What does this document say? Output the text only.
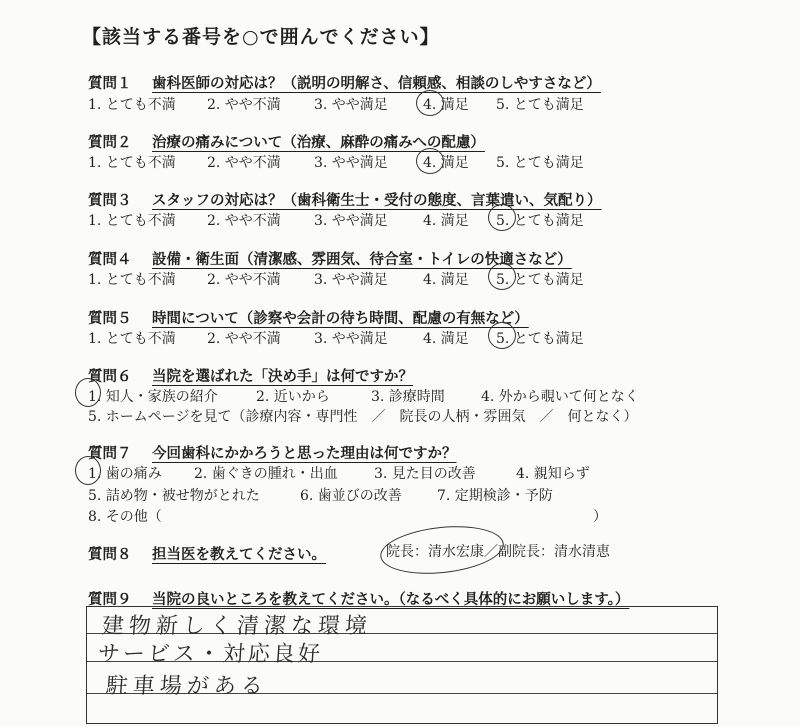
【該当する番号を○で囲んでください】
質問１ 歯科医師の対応は？（説明の明解さ、信頼感、相談のしやすさなど）
1. とても不満 2. やや不満 3. やや満足	4. 満足 5. とても満足
質問２ 治療の痛みについて（治療、麻酔の痛みへの配慮）
1. とても不満 2. やや不満 3. やや満足	4. 満足 5. とても満足
質問３ スタッフの対応は？（歯科衛生士・受付の態度、言葉遣い、気配り）
1. とても不満 2. やや不満 3. やや満足	4. 満足 5. とても満足
質問４ 設備・衛生面（清潔感、雰囲気、待合室・トイレの快適さなど）
1. とても不満 2. やや不満 3. やや満足	4. 満足 5. とても満足
質問５ 時間について（診察や会計の待ち時間、配慮の有無など）
1. とても不満 2. やや不満 3. やや満足	4. 満足 5. とても満足
質問６ 当院を選ばれた「決め手」は何ですか？
1. 知人・家族の紹介	2. 近いから	3. 診療時間	4. 外から覗いて何となく
5. ホームページを見て（診療内容・専門性　／　院長の人柄・雰囲気　／　何となく）
質問７ 今回歯科にかかろうと思った理由は何ですか？
1. 歯の痛み 2. 歯ぐきの腫れ・出血	3. 見た目の改善	4. 親知らず
5. 詰め物・被せ物がとれた	6. 歯並びの改善	7. 定期検診・予防
8. その他（	）
質問８ 担当医を教えてください。	院長：清水宏康／副院長：清水清恵
質問９ 当院の良いところを教えてください。（なるべく具体的にお願いします。）
建物新しく清潔な環境
サービス・対応良好
駐車場がある
